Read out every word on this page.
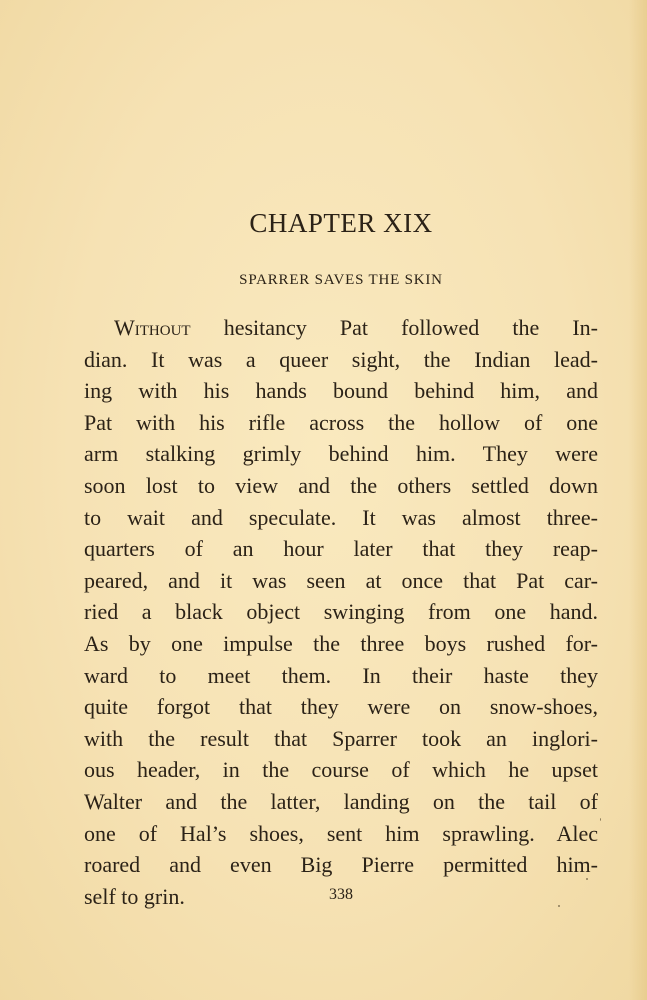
CHAPTER XIX
SPARRER SAVES THE SKIN
Without hesitancy Pat followed the In-
dian. It was a queer sight, the Indian lead-
ing with his hands bound behind him, and
Pat with his rifle across the hollow of one
arm stalking grimly behind him. They were
soon lost to view and the others settled down
to wait and speculate. It was almost three-
quarters of an hour later that they reap-
peared, and it was seen at once that Pat car-
ried a black object swinging from one hand.
As by one impulse the three boys rushed for-
ward to meet them. In their haste they
quite forgot that they were on snow-shoes,
with the result that Sparrer took an inglori-
ous header, in the course of which he upset
Walter and the latter, landing on the tail of
one of Hal’s shoes, sent him sprawling. Alec
roared and even Big Pierre permitted him-
self to grin.	338
